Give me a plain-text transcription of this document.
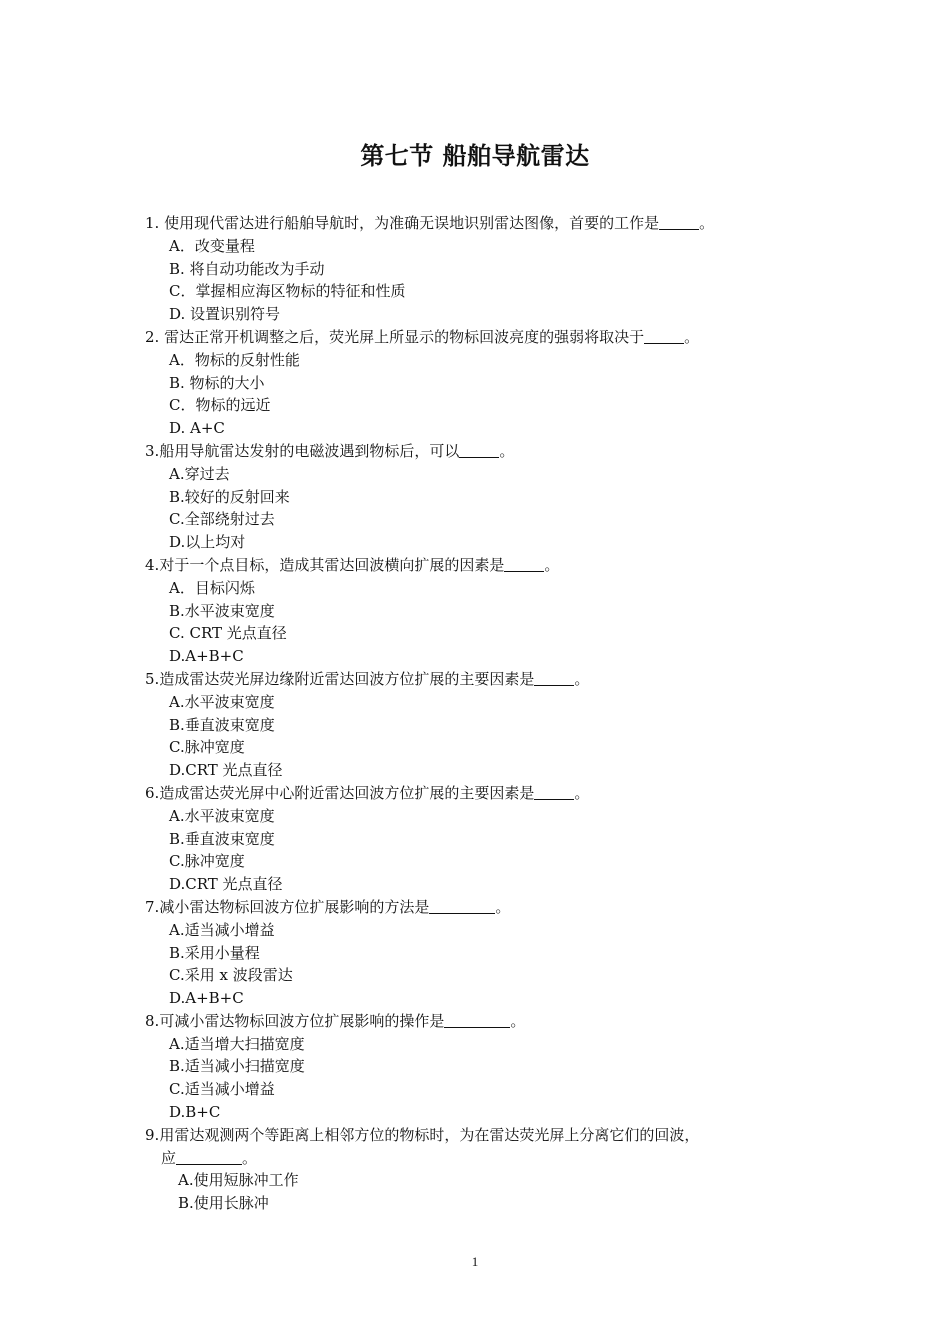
第七节 船舶导航雷达
1. 使用现代雷达进行船舶导航时，为准确无误地识别雷达图像，首要的工作是	。
A．改变量程
B. 将自动功能改为手动
C．掌握相应海区物标的特征和性质
D. 设置识别符号
2. 雷达正常开机调整之后，荧光屏上所显示的物标回波亮度的强弱将取决于	。
A．物标的反射性能
B. 物标的大小
C．物标的远近
D. A+C
3.船用导航雷达发射的电磁波遇到物标后，可以	。
A.穿过去
B.较好的反射回来
C.全部绕射过去
D.以上均对
4.对于一个点目标，造成其雷达回波横向扩展的因素是	。
A．目标闪烁
B.水平波束宽度
C. CRT 光点直径
D.A+B+C
5.造成雷达荧光屏边缘附近雷达回波方位扩展的主要因素是	。
A.水平波束宽度
B.垂直波束宽度
C.脉冲宽度
D.CRT 光点直径
6.造成雷达荧光屏中心附近雷达回波方位扩展的主要因素是	。
A.水平波束宽度
B.垂直波束宽度
C.脉冲宽度
D.CRT 光点直径
7.减小雷达物标回波方位扩展影响的方法是	。
A.适当减小增益
B.采用小量程
C.采用 x 波段雷达
D.A+B+C
8.可减小雷达物标回波方位扩展影响的操作是	。
A.适当增大扫描宽度
B.适当减小扫描宽度
C.适当减小增益
D.B+C
9.用雷达观测两个等距离上相邻方位的物标时，为在雷达荧光屏上分离它们的回波，
应	。
A.使用短脉冲工作
B.使用长脉冲
1
